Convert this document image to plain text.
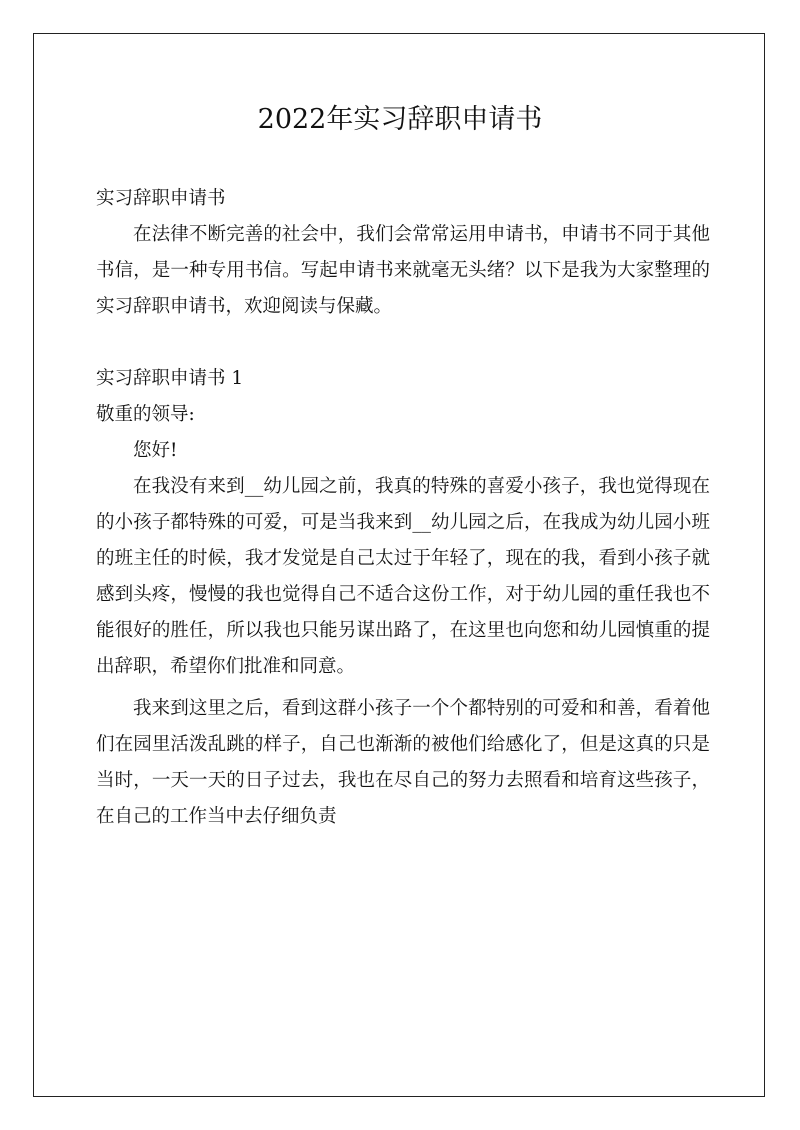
2022年实习辞职申请书

实习辞职申请书

在法律不断完善的社会中，我们会常常运用申请书，申请书不同于其他书信，是一种专用书信。写起申请书来就毫无头绪？以下是我为大家整理的实习辞职申请书，欢迎阅读与保藏。

实习辞职申请书 1

敬重的领导:

您好!

在我没有来到__幼儿园之前，我真的特殊的喜爱小孩子，我也觉得现在的小孩子都特殊的可爱，可是当我来到__幼儿园之后，在我成为幼儿园小班的班主任的时候，我才发觉是自己太过于年轻了，现在的我，看到小孩子就感到头疼，慢慢的我也觉得自己不适合这份工作，对于幼儿园的重任我也不能很好的胜任，所以我也只能另谋出路了，在这里也向您和幼儿园慎重的提出辞职，希望你们批准和同意。

我来到这里之后，看到这群小孩子一个个都特别的可爱和和善，看着他们在园里活泼乱跳的样子，自己也渐渐的被他们给感化了，但是这真的只是当时，一天一天的日子过去，我也在尽自己的努力去照看和培育这些孩子，在自己的工作当中去仔细负责
